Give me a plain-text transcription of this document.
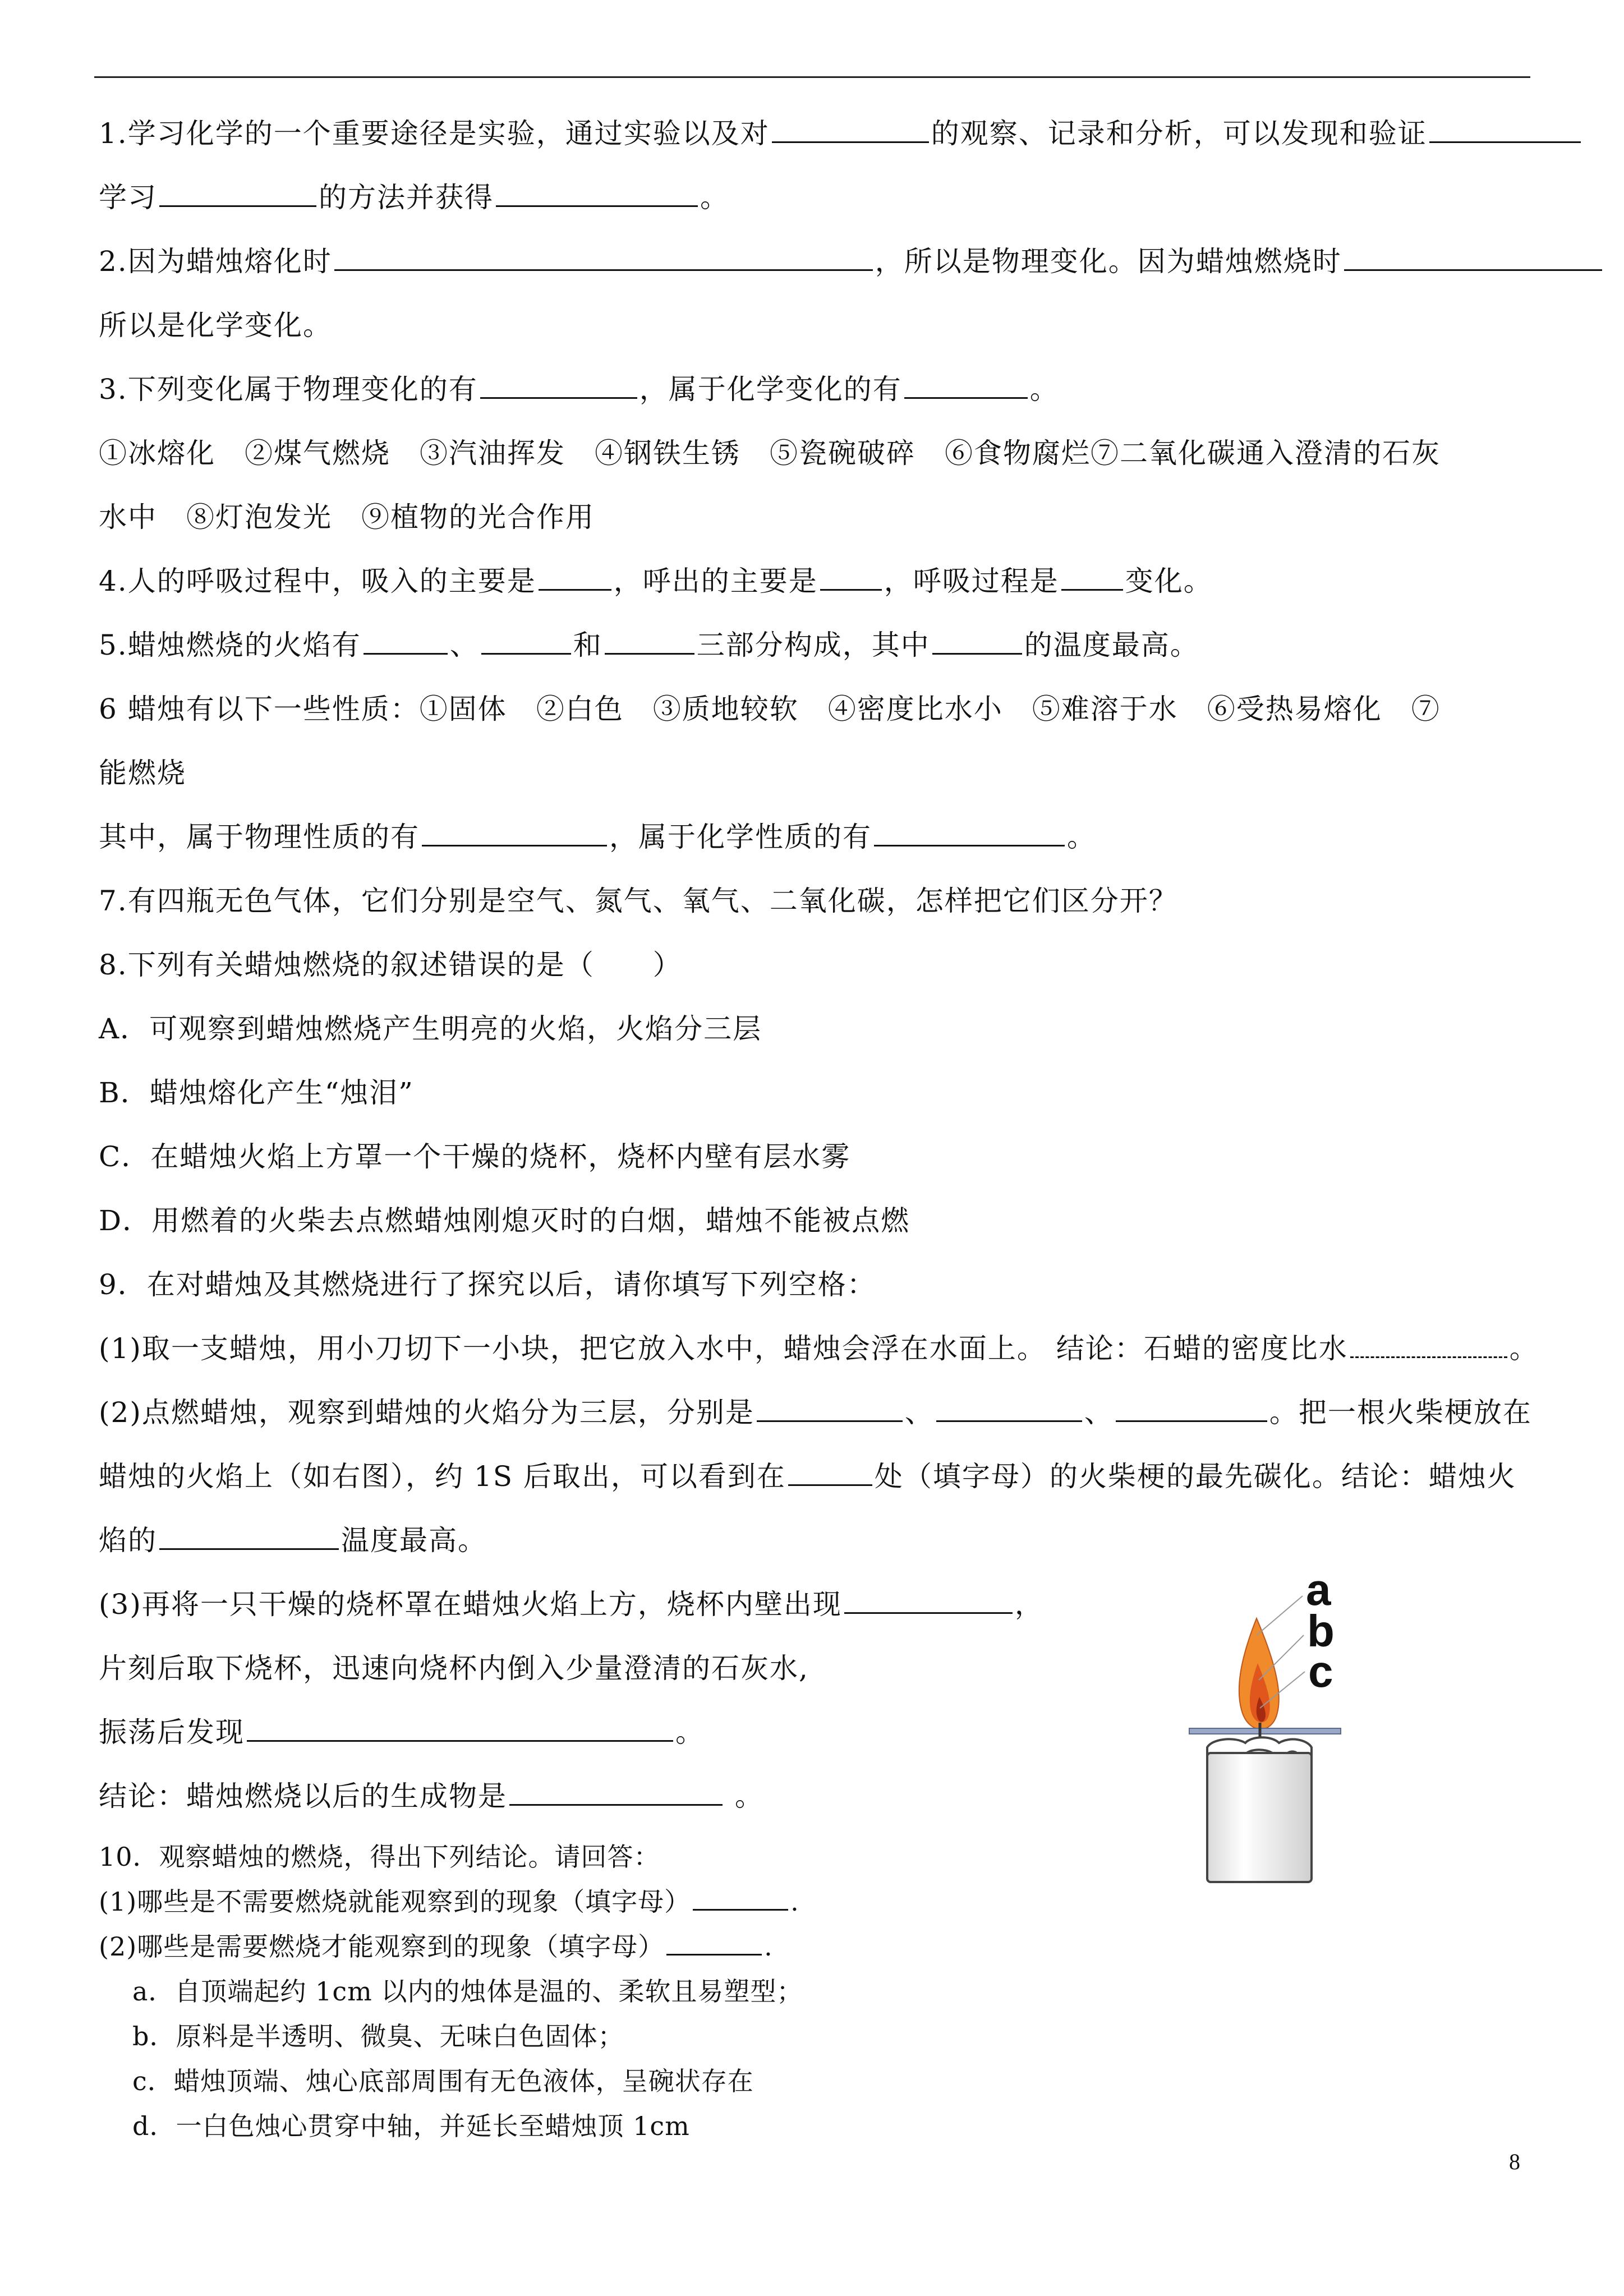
1.学习化学的一个重要途径是实验，通过实验以及对	的观察、记录和分析，可以发现和验证
学习	的方法并获得	。
2.因为蜡烛熔化时	，所以是物理变化。因为蜡烛燃烧时
所以是化学变化。
3.下列变化属于物理变化的有	，属于化学变化的有	。
①冰熔化　②煤气燃烧　③汽油挥发　④钢铁生锈　⑤瓷碗破碎　⑥食物腐烂⑦二氧化碳通入澄清的石灰
水中　⑧灯泡发光　⑨植物的光合作用
4.人的呼吸过程中，吸入的主要是	，呼出的主要是 ，呼吸过程是 变化。
5.蜡烛燃烧的火焰有	、	和	三部分构成，其中	的温度最高。
6 蜡烛有以下一些性质：①固体　②白色　③质地较软　④密度比水小　⑤难溶于水　⑥受热易熔化　⑦
能燃烧
其中，属于物理性质的有	，属于化学性质的有	。
7.有四瓶无色气体，它们分别是空气、氮气、氧气、二氧化碳，怎样把它们区分开？
8.下列有关蜡烛燃烧的叙述错误的是（　　）
A．可观察到蜡烛燃烧产生明亮的火焰，火焰分三层
B．蜡烛熔化产生“烛泪”
C．在蜡烛火焰上方罩一个干燥的烧杯，烧杯内壁有层水雾
D．用燃着的火柴去点燃蜡烛刚熄灭时的白烟，蜡烛不能被点燃
9．在对蜡烛及其燃烧进行了探究以后，请你填写下列空格：
(1)取一支蜡烛，用小刀切下一小块，把它放入水中，蜡烛会浮在水面上。 结论：石蜡的密度比水	。
(2)点燃蜡烛，观察到蜡烛的火焰分为三层，分别是	、	、	。把一根火柴梗放在
蜡烛的火焰上（如右图），约 1S 后取出，可以看到在	处（填字母）的火柴梗的最先碳化。结论：蜡烛火
焰的	温度最高。
(3)再将一只干燥的烧杯罩在蜡烛火焰上方，烧杯内壁出现	，
片刻后取下烧杯，迅速向烧杯内倒入少量澄清的石灰水,
振荡后发现	。
结论：蜡烛燃烧以后的生成物是	。
10．观察蜡烛的燃烧，得出下列结论。请回答：
(1)哪些是不需要燃烧就能观察到的现象（填字母）	.
(2)哪些是需要燃烧才能观察到的现象（填字母）	.
a．自顶端起约 1cm 以内的烛体是温的、柔软且易塑型；
b．原料是半透明、微臭、无味白色固体；
c．蜡烛顶端、烛心底部周围有无色液体，呈碗状存在
d．一白色烛心贯穿中轴，并延长至蜡烛顶 1cm
a
b
c
8
